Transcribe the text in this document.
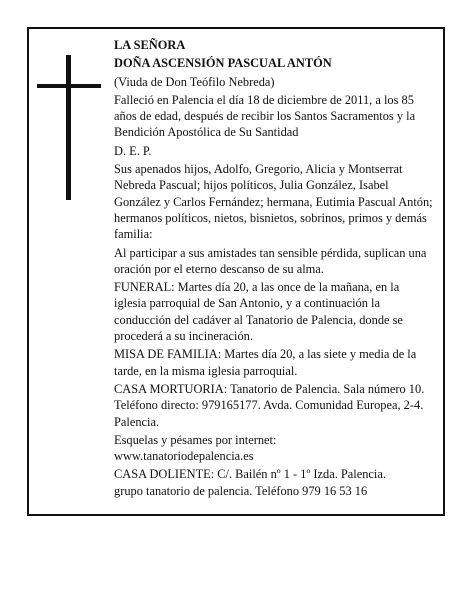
LA SEÑORA

DOÑA ASCENSIÓN PASCUAL ANTÓN

(Viuda de Don Teófilo Nebreda)

Falleció en Palencia el día 18 de diciembre de 2011, a los 85 años de edad, después de recibir los Santos Sacramentos y la Bendición Apostólica de Su Santidad

D. E. P.

Sus apenados hijos, Adolfo, Gregorio, Alicia y Montserrat Nebreda Pascual; hijos políticos, Julia González, Isabel González y Carlos Fernández; hermana, Eutimia Pascual Antón; hermanos políticos, nietos, bisnietos, sobrinos, primos y demás familia:

Al participar a sus amistades tan sensible pérdida, suplican una oración por el eterno descanso de su alma.

FUNERAL: Martes día 20, a las once de la mañana, en la iglesia parroquial de San Antonio, y a continuación la conducción del cadáver al Tanatorio de Palencia, donde se procederá a su incineración.

MISA DE FAMILIA: Martes día 20, a las siete y media de la tarde, en la misma iglesia parroquial.

CASA MORTUORIA: Tanatorio de Palencia. Sala número 10. Teléfono directo: 979165177. Avda. Comunidad Europea, 2-4. Palencia.

Esquelas y pésames por internet:

www.tanatoriodepalencia.es

CASA DOLIENTE: C/. Bailén nº 1 - 1º Izda. Palencia.

grupo tanatorio de palencia. Teléfono 979 16 53 16
